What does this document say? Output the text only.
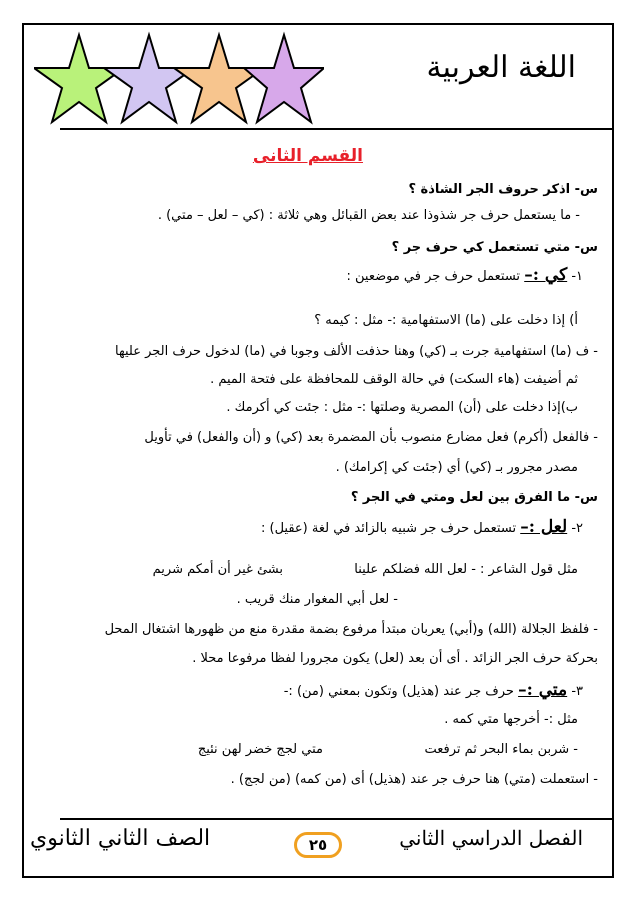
اللغة العربية
القسم الثانى
س- اذكر حروف الجر الشاذة ؟
- ما يستعمل حرف جر شذوذا عند بعض القبائل وهي ثلاثة : (كي – لعل – متي) .
س- متي تستعمل كي حرف جر ؟
١- كي :– تستعمل حرف جر في موضعين :
أ) إذا دخلت على (ما) الاستفهامية :- مثل : كيمه ؟
- ف (ما) استفهامية جرت بـ (كي) وهنا حذفت الألف وجوبا في (ما) لدخول حرف الجر عليها
ثم أضيفت (هاء السكت) في حالة الوقف للمحافظة على فتحة الميم .
ب)إذا دخلت على (أن) المصرية وصلتها :- مثل : جئت كي أكرمك .
- فالفعل (أكرم) فعل مضارع منصوب بأن المضمرة بعد (كي) و (أن والفعل) في تأويل
مصدر مجرور بـ (كي) أي (جئت كي إكرامك) .
س- ما الفرق بين لعل ومتي في الجر ؟
٢- لعل :– تستعمل حرف جر شبيه بالزائد في لغة (عقيل) :
مثل قول الشاعر : - لعل الله فضلكم علينا
بشئ غير أن أمكم شريم
- لعل أبي المغوار منك قريب .
- فلفظ الجلالة (الله) و(أبي) يعربان مبتدأ مرفوع بضمة مقدرة منع من ظهورها اشتغال المحل
بحركة حرف الجر الزائد . أى أن بعد (لعل) يكون مجرورا لفظا مرفوعا محلا .
٣- متي :– حرف جر عند (هذيل) وتكون بمعني (من) :-
مثل :- أخرجها متي كمه .
- شربن بماء البحر ثم ترفعت
متي لجج خضر لهن نئيج
- استعملت (متي) هنا حرف جر عند (هذيل) أى (من كمه) (من لجج) .
الفصل الدراسي الثاني
٢٥
الصف الثاني الثانوي
